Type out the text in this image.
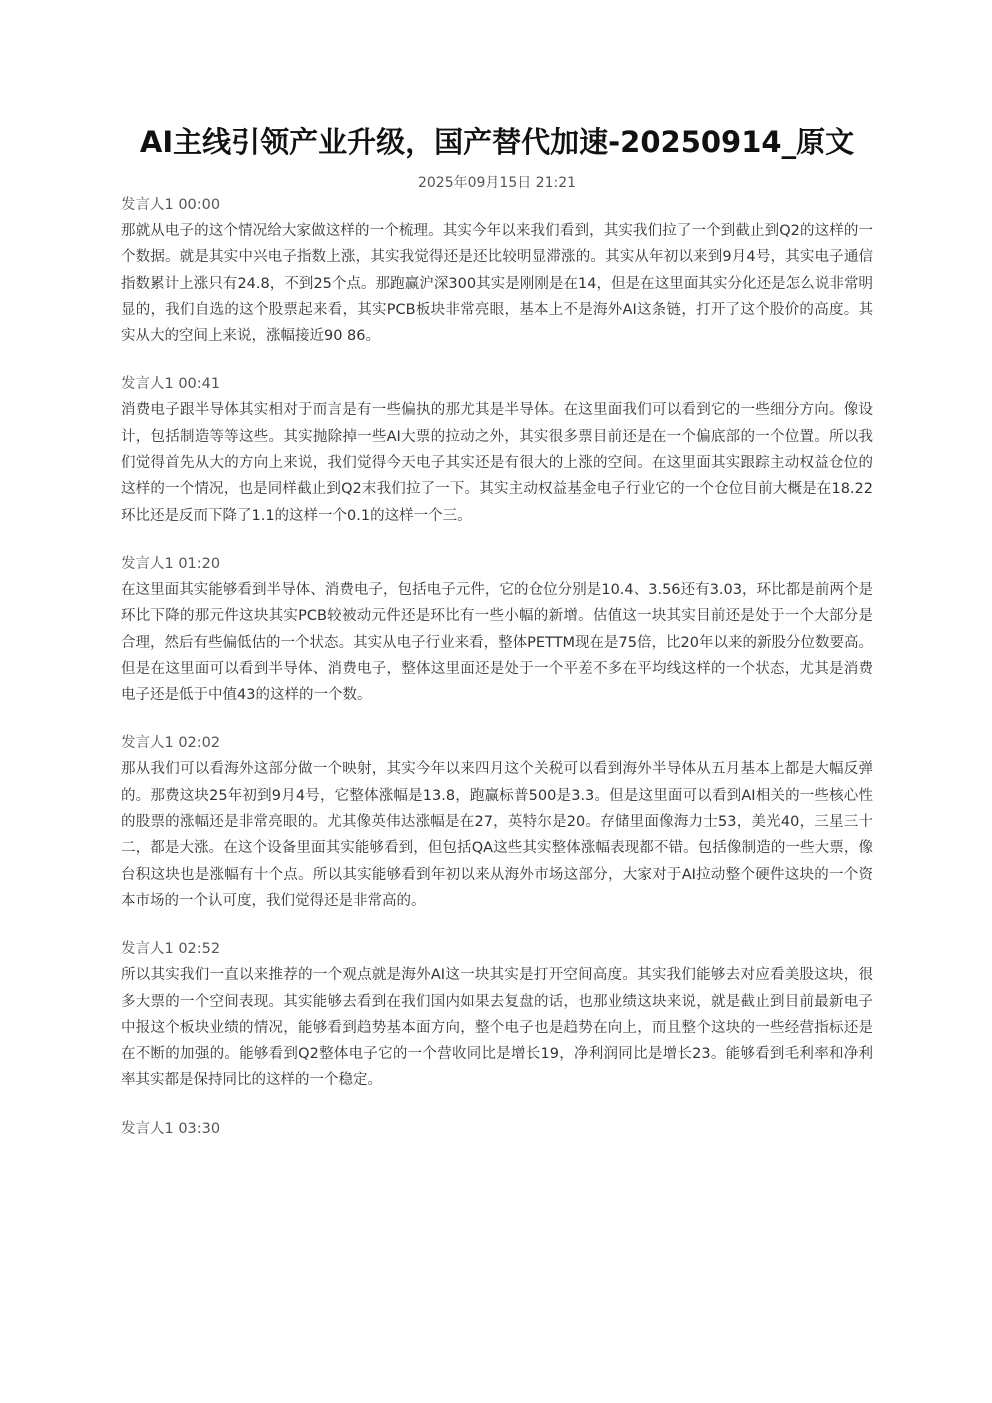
AI主线引领产业升级，国产替代加速-20250914_原文
2025年09月15日 21:21
发言人1 00:00
那就从电子的这个情况给大家做这样的一个梳理。其实今年以来我们看到，其实我们拉了一个到截止到Q2的这样的一个数据。就是其实中兴电子指数上涨，其实我觉得还是还比较明显滞涨的。其实从年初以来到9月4号，其实电子通信指数累计上涨只有24.8，不到25个点。那跑赢沪深300其实是刚刚是在14，但是在这里面其实分化还是怎么说非常明显的，我们自选的这个股票起来看，其实PCB板块非常亮眼，基本上不是海外AI这条链，打开了这个股价的高度。其实从大的空间上来说，涨幅接近90 86。
发言人1 00:41
消费电子跟半导体其实相对于而言是有一些偏执的那尤其是半导体。在这里面我们可以看到它的一些细分方向。像设计，包括制造等等这些。其实抛除掉一些AI大票的拉动之外，其实很多票目前还是在一个偏底部的一个位置。所以我们觉得首先从大的方向上来说，我们觉得今天电子其实还是有很大的上涨的空间。在这里面其实跟踪主动权益仓位的这样的一个情况，也是同样截止到Q2末我们拉了一下。其实主动权益基金电子行业它的一个仓位目前大概是在18.22环比还是反而下降了1.1的这样一个0.1的这样一个三。
发言人1 01:20
在这里面其实能够看到半导体、消费电子，包括电子元件，它的仓位分别是10.4、3.56还有3.03，环比都是前两个是环比下降的那元件这块其实PCB较被动元件还是环比有一些小幅的新增。估值这一块其实目前还是处于一个大部分是合理，然后有些偏低估的一个状态。其实从电子行业来看，整体PETTM现在是75倍，比20年以来的新股分位数要高。但是在这里面可以看到半导体、消费电子，整体这里面还是处于一个平差不多在平均线这样的一个状态，尤其是消费电子还是低于中值43的这样的一个数。
发言人1 02:02
那从我们可以看海外这部分做一个映射，其实今年以来四月这个关税可以看到海外半导体从五月基本上都是大幅反弹的。那费这块25年初到9月4号，它整体涨幅是13.8，跑赢标普500是3.3。但是这里面可以看到AI相关的一些核心性的股票的涨幅还是非常亮眼的。尤其像英伟达涨幅是在27，英特尔是20。存储里面像海力士53，美光40，三星三十二，都是大涨。在这个设备里面其实能够看到，但包括QA这些其实整体涨幅表现都不错。包括像制造的一些大票，像台积这块也是涨幅有十个点。所以其实能够看到年初以来从海外市场这部分，大家对于AI拉动整个硬件这块的一个资本市场的一个认可度，我们觉得还是非常高的。
发言人1 02:52
所以其实我们一直以来推荐的一个观点就是海外AI这一块其实是打开空间高度。其实我们能够去对应看美股这块，很多大票的一个空间表现。其实能够去看到在我们国内如果去复盘的话，也那业绩这块来说，就是截止到目前最新电子中报这个板块业绩的情况，能够看到趋势基本面方向，整个电子也是趋势在向上，而且整个这块的一些经营指标还是在不断的加强的。能够看到Q2整体电子它的一个营收同比是增长19，净利润同比是增长23。能够看到毛利率和净利率其实都是保持同比的这样的一个稳定。
发言人1 03:30
